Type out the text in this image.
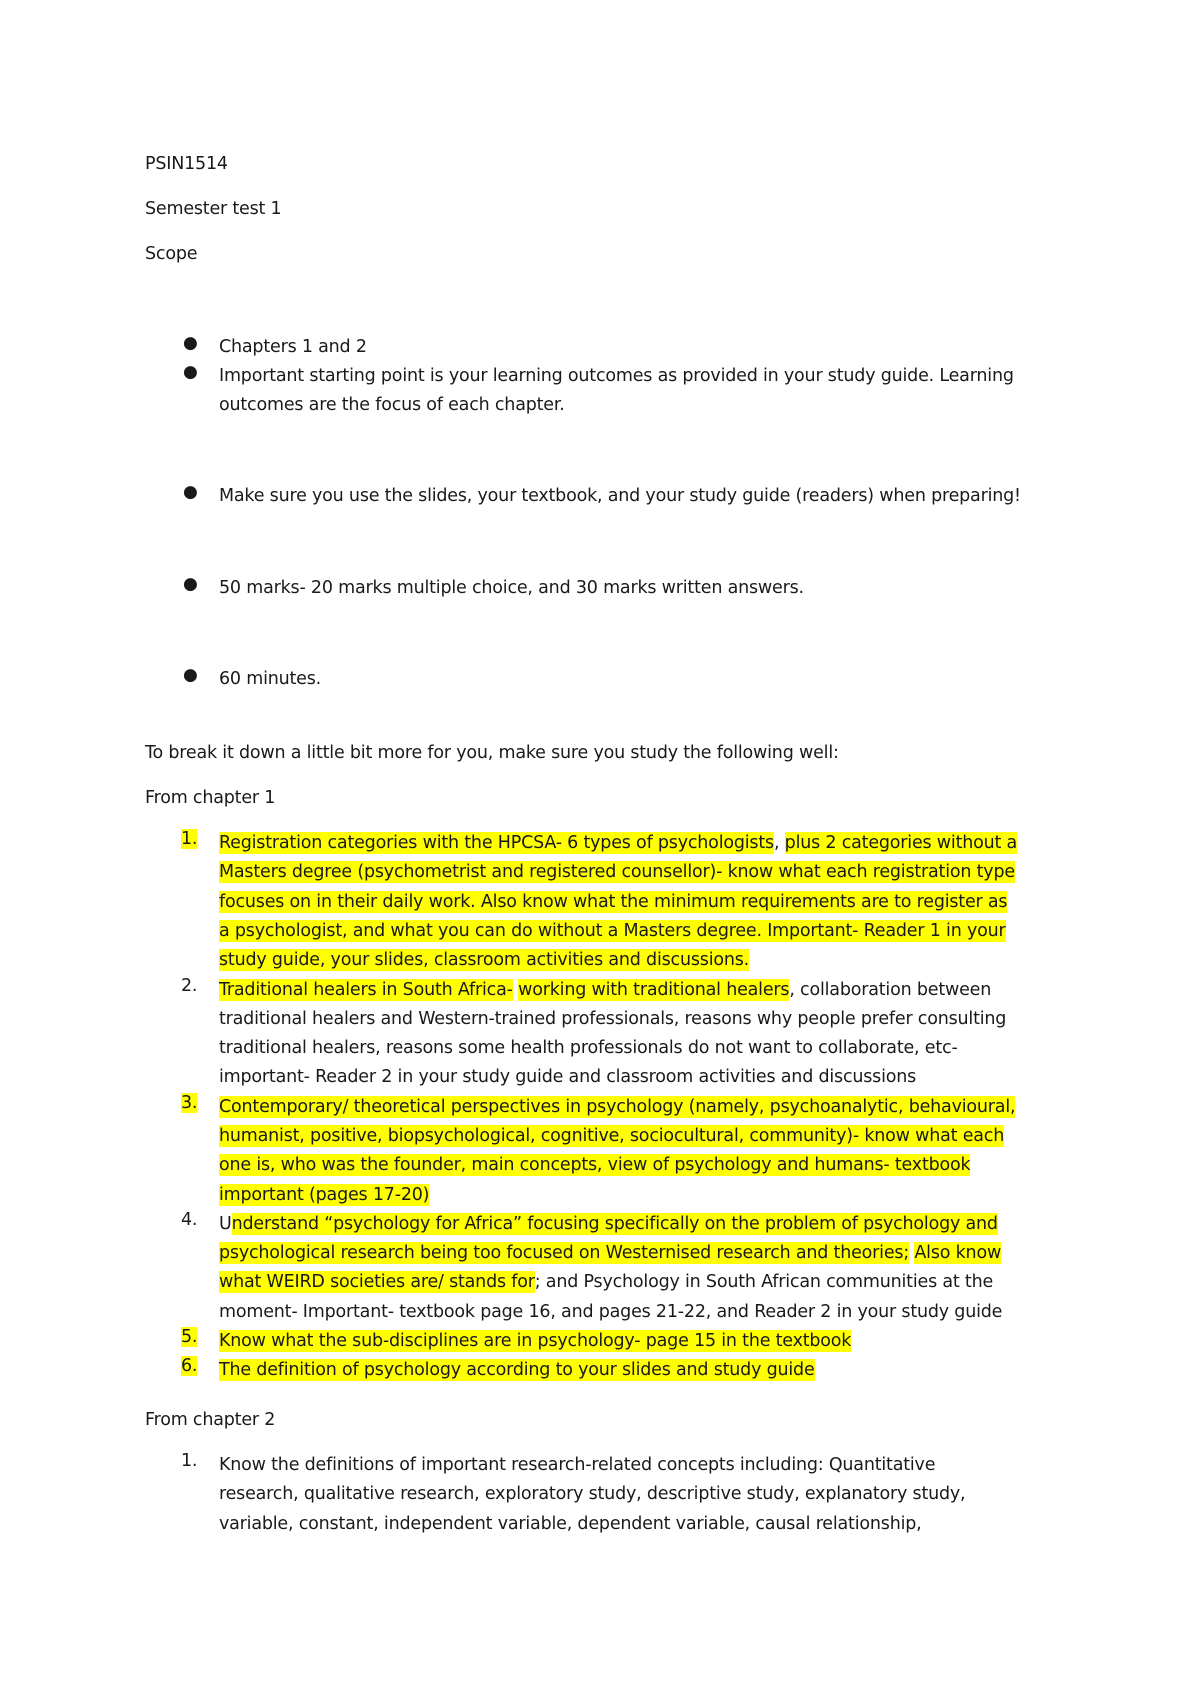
PSIN1514
Semester test 1
Scope
● Chapters 1 and 2
● Important starting point is your learning outcomes as provided in your study guide. Learning
outcomes are the focus of each chapter.
● Make sure you use the slides, your textbook, and your study guide (readers) when preparing!
● 50 marks- 20 marks multiple choice, and 30 marks written answers.
● 60 minutes.
To break it down a little bit more for you, make sure you study the following well:
From chapter 1
1. Registration categories with the HPCSA- 6 types of psychologists, plus 2 categories without a
Masters degree (psychometrist and registered counsellor)- know what each registration type
focuses on in their daily work. Also know what the minimum requirements are to register as
a psychologist, and what you can do without a Masters degree. Important- Reader 1 in your
study guide, your slides, classroom activities and discussions.
2. Traditional healers in South Africa- working with traditional healers, collaboration between
traditional healers and Western-trained professionals, reasons why people prefer consulting
traditional healers, reasons some health professionals do not want to collaborate, etc-
important- Reader 2 in your study guide and classroom activities and discussions
3. Contemporary/ theoretical perspectives in psychology (namely, psychoanalytic, behavioural,
humanist, positive, biopsychological, cognitive, sociocultural, community)- know what each
one is, who was the founder, main concepts, view of psychology and humans- textbook
important (pages 17-20)
4. Understand “psychology for Africa” focusing specifically on the problem of psychology and
psychological research being too focused on Westernised research and theories; Also know
what WEIRD societies are/ stands for; and Psychology in South African communities at the
moment- Important- textbook page 16, and pages 21-22, and Reader 2 in your study guide
5. Know what the sub-disciplines are in psychology- page 15 in the textbook
6. The definition of psychology according to your slides and study guide
From chapter 2
1. Know the definitions of important research-related concepts including: Quantitative
research, qualitative research, exploratory study, descriptive study, explanatory study,
variable, constant, independent variable, dependent variable, causal relationship,
